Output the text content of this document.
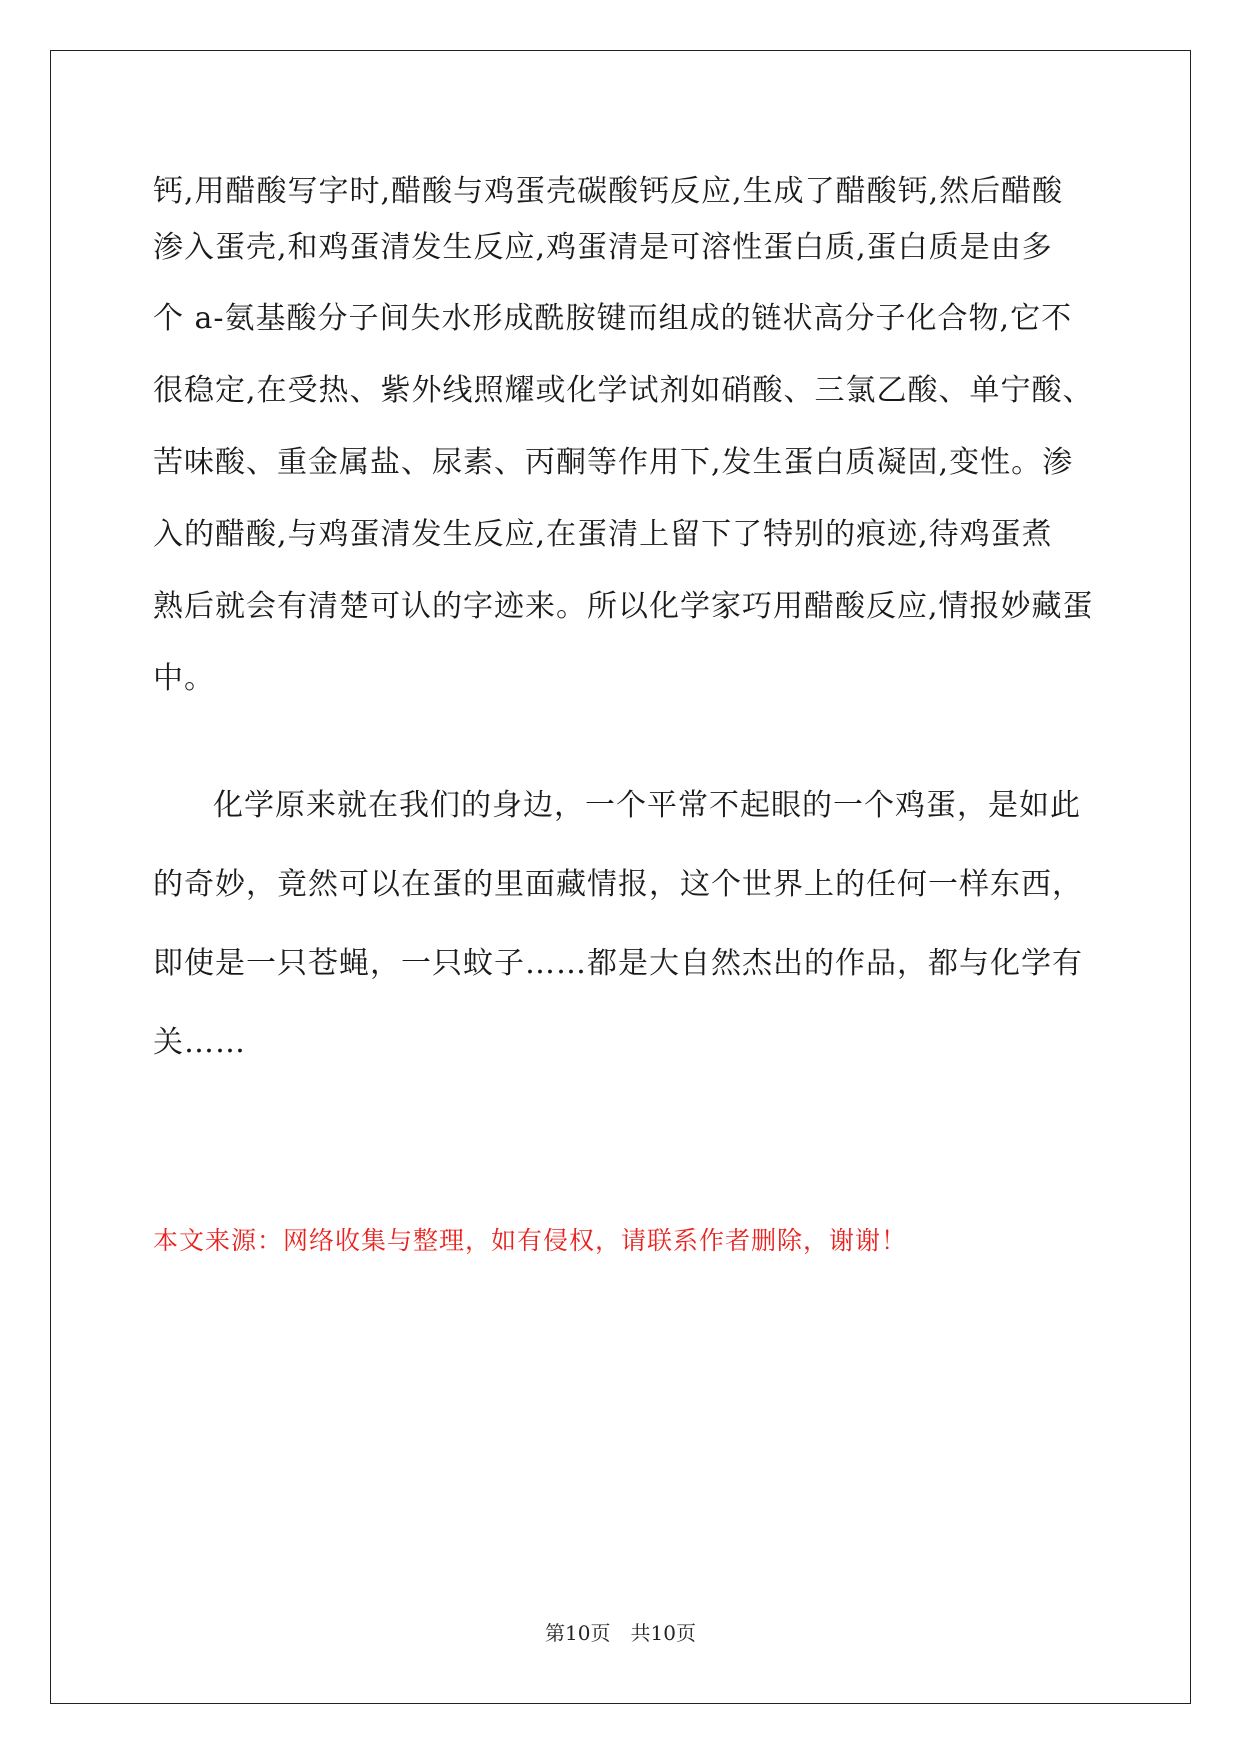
钙,用醋酸写字时,醋酸与鸡蛋壳碳酸钙反应,生成了醋酸钙,然后醋酸
渗入蛋壳,和鸡蛋清发生反应,鸡蛋清是可溶性蛋白质,蛋白质是由多
个 a-氨基酸分子间失水形成酰胺键而组成的链状高分子化合物,它不
很稳定,在受热、紫外线照耀或化学试剂如硝酸、三氯乙酸、单宁酸、
苦味酸、重金属盐、尿素、丙酮等作用下,发生蛋白质凝固,变性。渗
入的醋酸,与鸡蛋清发生反应,在蛋清上留下了特别的痕迹,待鸡蛋煮
熟后就会有清楚可认的字迹来。所以化学家巧用醋酸反应,情报妙藏蛋
中。
化学原来就在我们的身边，一个平常不起眼的一个鸡蛋，是如此
的奇妙，竟然可以在蛋的里面藏情报，这个世界上的任何一样东西，
即使是一只苍蝇，一只蚊子……都是大自然杰出的作品，都与化学有
关……
本文来源：网络收集与整理，如有侵权，请联系作者删除，谢谢！
第10页　共10页
